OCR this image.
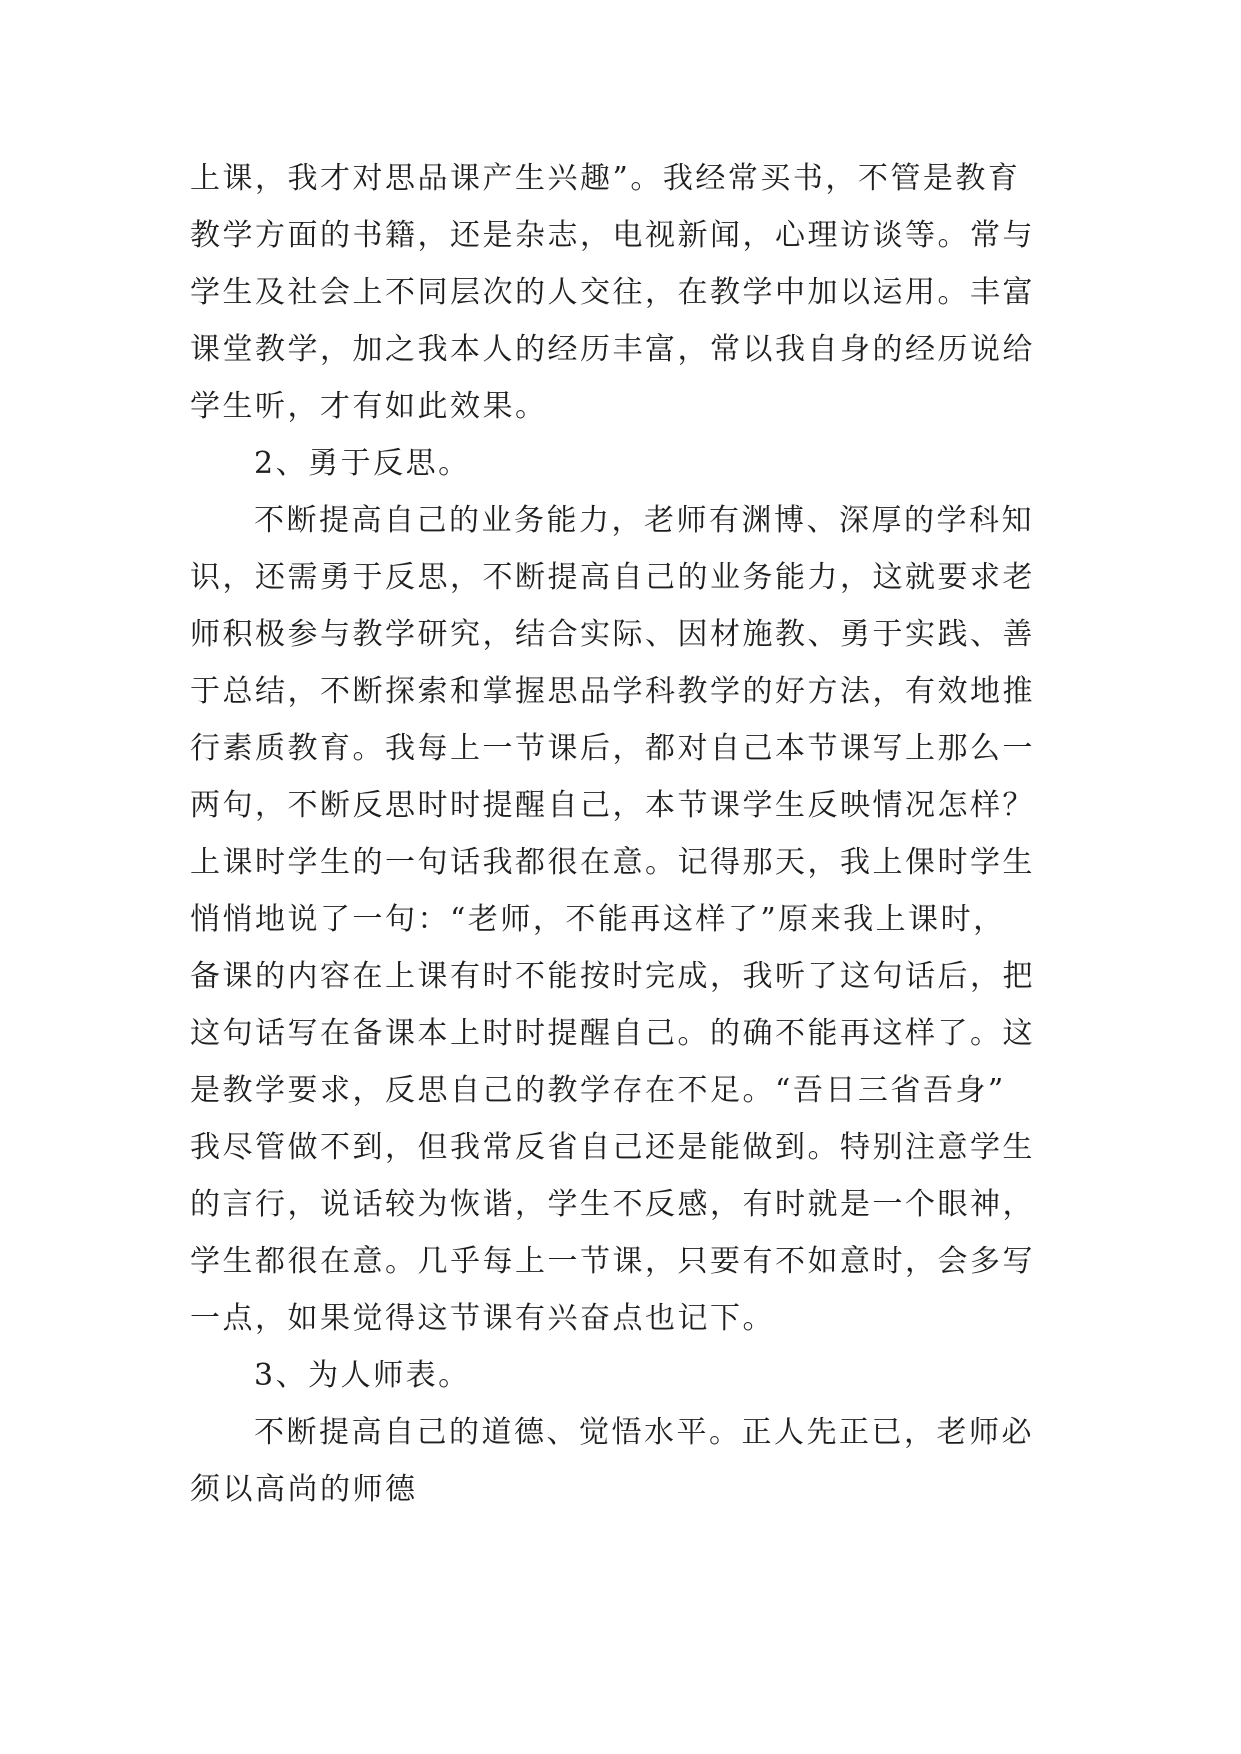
上课，我才对思品课产生兴趣”。我经常买书，不管是教育
教学方面的书籍，还是杂志，电视新闻，心理访谈等。常与
学生及社会上不同层次的人交往，在教学中加以运用。丰富
课堂教学，加之我本人的经历丰富，常以我自身的经历说给
学生听，才有如此效果。
2、勇于反思。
不断提高自己的业务能力，老师有渊博、深厚的学科知
识，还需勇于反思，不断提高自己的业务能力，这就要求老
师积极参与教学研究，结合实际、因材施教、勇于实践、善
于总结，不断探索和掌握思品学科教学的好方法，有效地推
行素质教育。我每上一节课后，都对自己本节课写上那么一
两句，不断反思时时提醒自己，本节课学生反映情况怎样？
上课时学生的一句话我都很在意。记得那天，我上倮时学生
悄悄地说了一句：“老师，不能再这样了”原来我上课时，
备课的内容在上课有时不能按时完成，我听了这句话后，把
这句话写在备课本上时时提醒自己。的确不能再这样了。这
是教学要求，反思自己的教学存在不足。“吾日三省吾身”
我尽管做不到，但我常反省自己还是能做到。特别注意学生
的言行，说话较为恢谐，学生不反感，有时就是一个眼神，
学生都很在意。几乎每上一节课，只要有不如意时，会多写
一点，如果觉得这节课有兴奋点也记下。
3、为人师表。
不断提高自己的道德、觉悟水平。正人先正已，老师必
须以高尚的师德
